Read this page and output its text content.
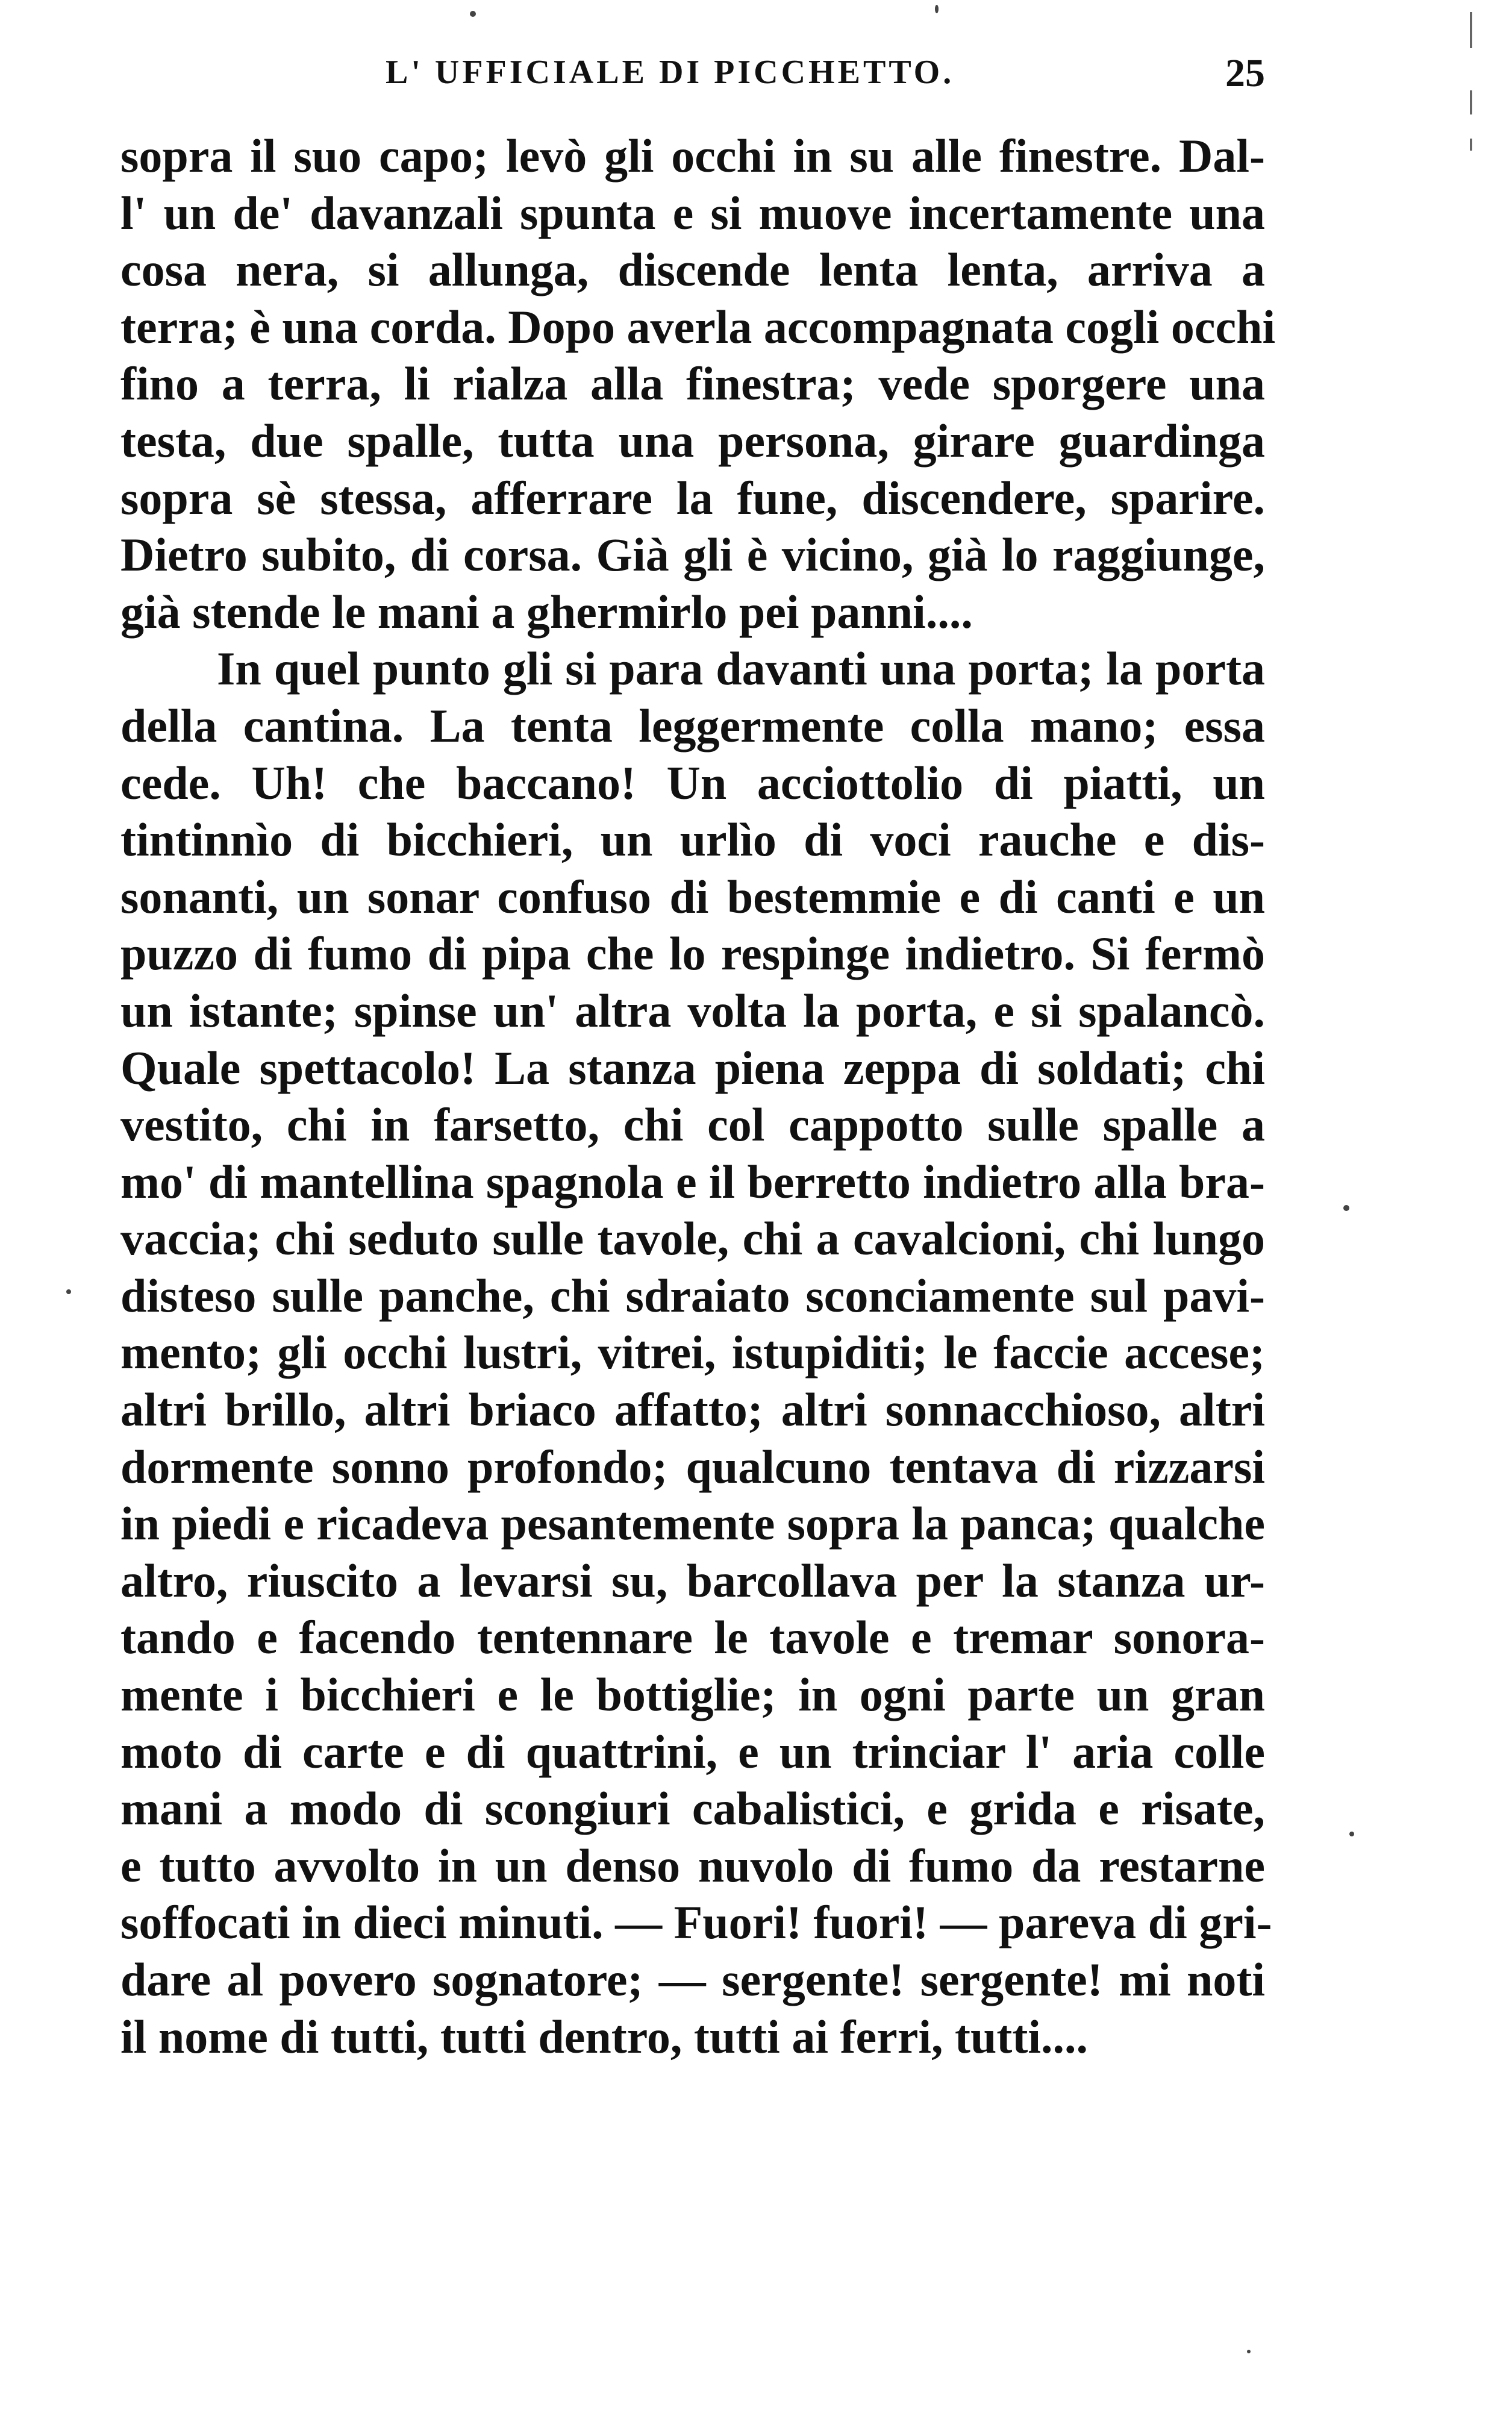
L' UFFICIALE DI PICCHETTO.	25
sopra il suo capo; levò gli occhi in su alle finestre. Dal-
l' un de' davanzali spunta e si muove incertamente una
cosa nera, si allunga, discende lenta lenta, arriva a
terra; è una corda. Dopo averla accompagnata cogli occhi
fino a terra, li rialza alla finestra; vede sporgere una
testa, due spalle, tutta una persona, girare guardinga
sopra sè stessa, afferrare la fune, discendere, sparire.
Dietro subito, di corsa. Già gli è vicino, già lo raggiunge,
già stende le mani a ghermirlo pei panni....
In quel punto gli si para davanti una porta; la porta
della cantina. La tenta leggermente colla mano; essa
cede. Uh! che baccano! Un acciottolio di piatti, un
tintinnìo di bicchieri, un urlìo di voci rauche e dis-
sonanti, un sonar confuso di bestemmie e di canti e un
puzzo di fumo di pipa che lo respinge indietro. Si fermò
un istante; spinse un' altra volta la porta, e si spalancò.
Quale spettacolo! La stanza piena zeppa di soldati; chi
vestito, chi in farsetto, chi col cappotto sulle spalle a
mo' di mantellina spagnola e il berretto indietro alla bra-
vaccia; chi seduto sulle tavole, chi a cavalcioni, chi lungo
disteso sulle panche, chi sdraiato sconciamente sul pavi-
mento; gli occhi lustri, vitrei, istupiditi; le faccie accese;
altri brillo, altri briaco affatto; altri sonnacchioso, altri
dormente sonno profondo; qualcuno tentava di rizzarsi
in piedi e ricadeva pesantemente sopra la panca; qualche
altro, riuscito a levarsi su, barcollava per la stanza ur-
tando e facendo tentennare le tavole e tremar sonora-
mente i bicchieri e le bottiglie; in ogni parte un gran
moto di carte e di quattrini, e un trinciar l' aria colle
mani a modo di scongiuri cabalistici, e grida e risate,
e tutto avvolto in un denso nuvolo di fumo da restarne
soffocati in dieci minuti. — Fuori! fuori! — pareva di gri-
dare al povero sognatore; — sergente! sergente! mi noti
il nome di tutti, tutti dentro, tutti ai ferri, tutti....
